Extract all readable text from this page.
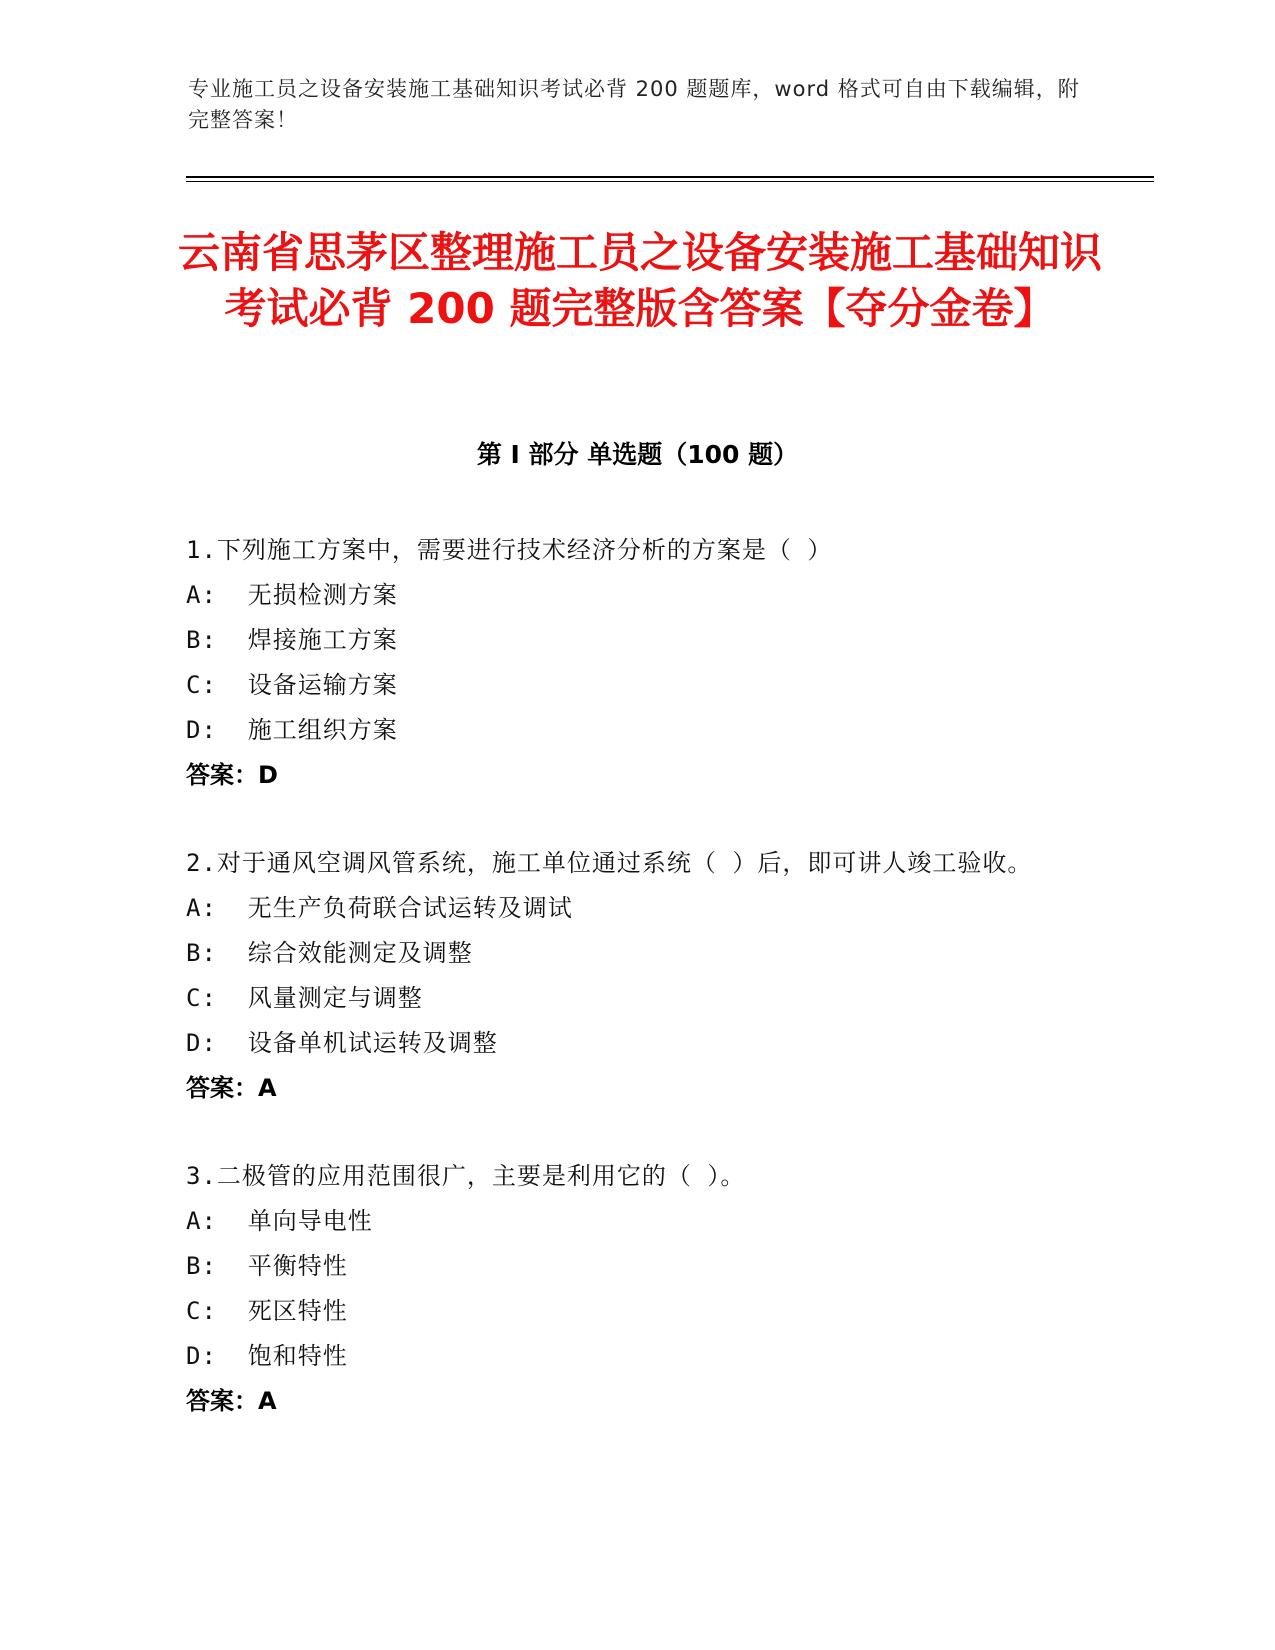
专业施工员之设备安装施工基础知识考试必背 200 题题库，word 格式可自由下载编辑，附完整答案！
云南省思茅区整理施工员之设备安装施工基础知识考试必背 200 题完整版含答案【夺分金卷】
第 I 部分 单选题（100 题）
1.下列施工方案中，需要进行技术经济分析的方案是（ ）
A:  无损检测方案
B:  焊接施工方案
C:  设备运输方案
D:  施工组织方案
答案：D
2.对于通风空调风管系统，施工单位通过系统（ ）后，即可讲人竣工验收。
A:  无生产负荷联合试运转及调试
B:  综合效能测定及调整
C:  风量测定与调整
D:  设备单机试运转及调整
答案：A
3.二极管的应用范围很广，主要是利用它的（ ）。
A:  单向导电性
B:  平衡特性
C:  死区特性
D:  饱和特性
答案：A
